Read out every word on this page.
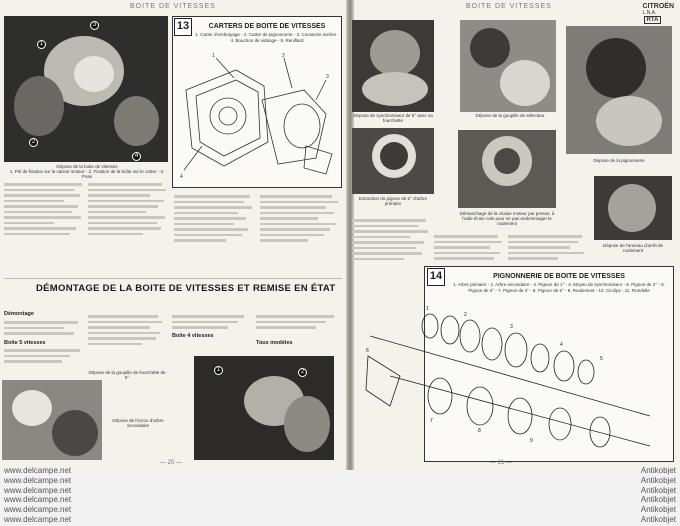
BOITE DE VITESSES
1
3
2
4
Dépose de la boite de vitesses
1. Pié de fixation sur la caisse moteur - 2. Fixation de la boîte sur le carter - 3. Pose
13	CARTERS DE BOITE DE VITESSES
1. Carter d'embrayage - 2. Carter de pignonnerie - 3. Couvercle arrière - 4. Bouchon de vidange - 5. Reniflard
1	2
3
4
DÉMONTAGE DE LA BOITE DE VITESSES ET REMISE EN ÉTAT
Démontage
Boite 5 vitesses
Boite 4 vitesses
Tous modèles
Dépose de la goupille de fourchette de 5°
Dépose de l'écrou d'arbre secondaire
1	2
— 20 —
BOITE DE VITESSES	CITROËN
L.N.A.
RTA
Dépose de synchroniseur de 5° avec sa fourchette
Dépose de la goupille de sélecteur
Dépose de la pignonnerie
Extraction du pignon de 5° d'arbre primaire
Démanchage de la chaise moteur par presse, à l'aide d'une cale pour ne pas endommager le roulement
Dépose de l'anneau d'arrêt de roulement
14	PIGNONNERIE DE BOITE DE VITESSES
1. Arbre primaire - 2. Arbre secondaire - 3. Pignon de 1° - 4. Moyeu de synchroniseur - 5. Pignon de 2° - 6. Pignon de 3° - 7. Pignon de 4° - 8. Pignon de 5° - 9. Roulement - 10. Circlips - 11. Rondelle
1
2
3
4
5
6
7
8
9
— 21 —
www.delcampe.net
www.delcampe.net
www.delcampe.net
www.delcampe.net
www.delcampe.net
www.delcampe.net
Antikobjet
Antikobjet
Antikobjet
Antikobjet
Antikobjet
Antikobjet
